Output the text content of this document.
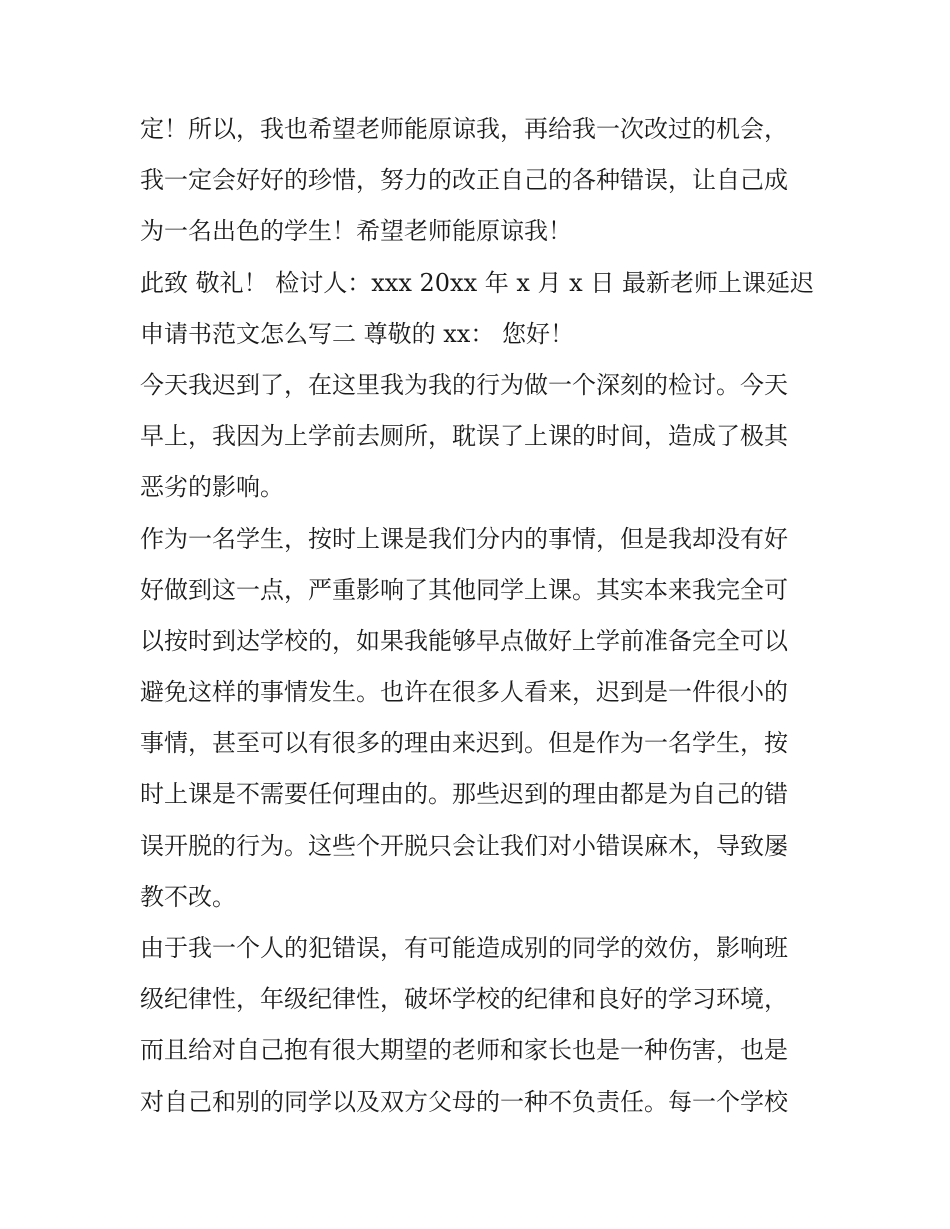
定！所以，我也希望老师能原谅我，再给我一次改过的机会，
我一定会好好的珍惜，努力的改正自己的各种错误，让自己成
为一名出色的学生！希望老师能原谅我！
此致 敬礼！ 检讨人：xxx 20xx 年 x 月 x 日 最新老师上课延迟
申请书范文怎么写二 尊敬的 xx： 您好！
今天我迟到了，在这里我为我的行为做一个深刻的检讨。今天
早上，我因为上学前去厕所，耽误了上课的时间，造成了极其
恶劣的影响。
作为一名学生，按时上课是我们分内的事情，但是我却没有好
好做到这一点，严重影响了其他同学上课。其实本来我完全可
以按时到达学校的，如果我能够早点做好上学前准备完全可以
避免这样的事情发生。也许在很多人看来，迟到是一件很小的
事情，甚至可以有很多的理由来迟到。但是作为一名学生，按
时上课是不需要任何理由的。那些迟到的理由都是为自己的错
误开脱的行为。这些个开脱只会让我们对小错误麻木，导致屡
教不改。
由于我一个人的犯错误，有可能造成别的同学的效仿，影响班
级纪律性，年级纪律性，破坏学校的纪律和良好的学习环境，
而且给对自己抱有很大期望的老师和家长也是一种伤害，也是
对自己和别的同学以及双方父母的一种不负责任。每一个学校
